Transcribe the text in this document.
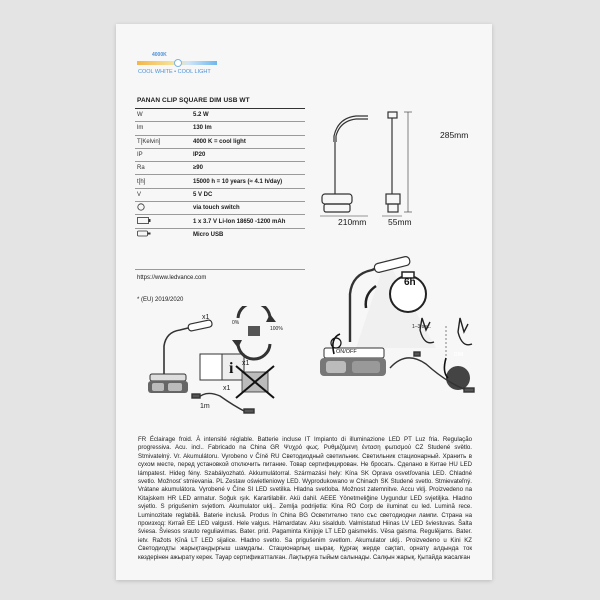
4000K
COOL WHITE • COOL LIGHT
PANAN CLIP SQUARE DIM USB WT
W	5.2 W
lm	130 lm
T[Kelvin]	4000 K = cool light
IP	IP20
Ra	≥90
t[h]	15000 h = 10 years (≈ 4.1 h/day)
V	5 V DC
	via touch switch
	1 x 3.7 V Li-Ion 18650 -1200 mAh
	Micro USB
https://www.ledvance.com
* (EU) 2019/2020
285mm
210mm	55mm
i
x1
x1
x1
1m
0%
100%
6h
ON/OFF	DIM
1–3 sec.
FR Éclairage froid. À intensité réglable. Batterie incluse IT Impianto di illuminazione LED PT Luz fria. Regulação progressiva. Acu. incl.. Fabricado na China GR Ψυχρό φως. Ρυθμιζόμενη ένταση φωτισμού CZ Studené světlo. Stmivatelný. Vr. Akumulátoru. Vyrobeno v Číně RU Светодиодный светильник. Светильник стационарный. Хранить в сухом месте, перед установкой отключить питание. Товар сертифицирован. Не бросать. Сделано в Китае HU LED lámpatest. Hideg fény. Szabályozható. Akkumulátorral. Származási hely: Kína SK Oprava osvetľovania LED. Chladné svetlo. Možnosť stmievania. PL Zestaw oświetleniowy LED. Wyprodukowano w Chinach SK Studené svetlo. Stmievateľný. Vrátane akumulátora. Vyrobené v Číne SI LED svetilka. Hladna svetloba. Možnost zatemnitve. Accu vklj. Proizvedeno na Kitajskem HR LED armatur. Soğuk ışık. Karartilabilir. Akü dahil. AEEE Yönetmeliğine Uygundur LED svjetiljka. Hladno svjetlo. S prigušenim svjetlom. Akumulator uklj.. Zemlja podrijetla: Kina RO Corp de iluminat cu led. Lumină rece. Luminozitate reglabilă. Baterie inclusă. Produs în China BG Осветително тяло със светодиодни лампи. Страна на произход: Китай EE LED valgusti. Hele valgus. Hämardatav. Aku sisaldub. Valmistatud Hiinas LV LED šviestuvas. Šalta šviesa. Šviesos srauto reguliavimas. Bater. prid. Pagaminta Kinijoje LT LED gaismeklis. Vēsa gaisma. Regulējams. Bater. ietv. Ražots Ķīnā LT LED sijalice. Hladno svetlo. Sa prigušenim svetlom. Akumulator uklj.. Proizvedeno u Kini KZ Светодиодты жарықтандырғыш шамдалы. Стационарлық шырақ. Құрғақ жерде сақтап, орнату алдында ток көздерінен ажырату керек. Тауар сертификатталған. Лақтыруға тыйым салынады. Салқын жарық. Қытайда жасалған
